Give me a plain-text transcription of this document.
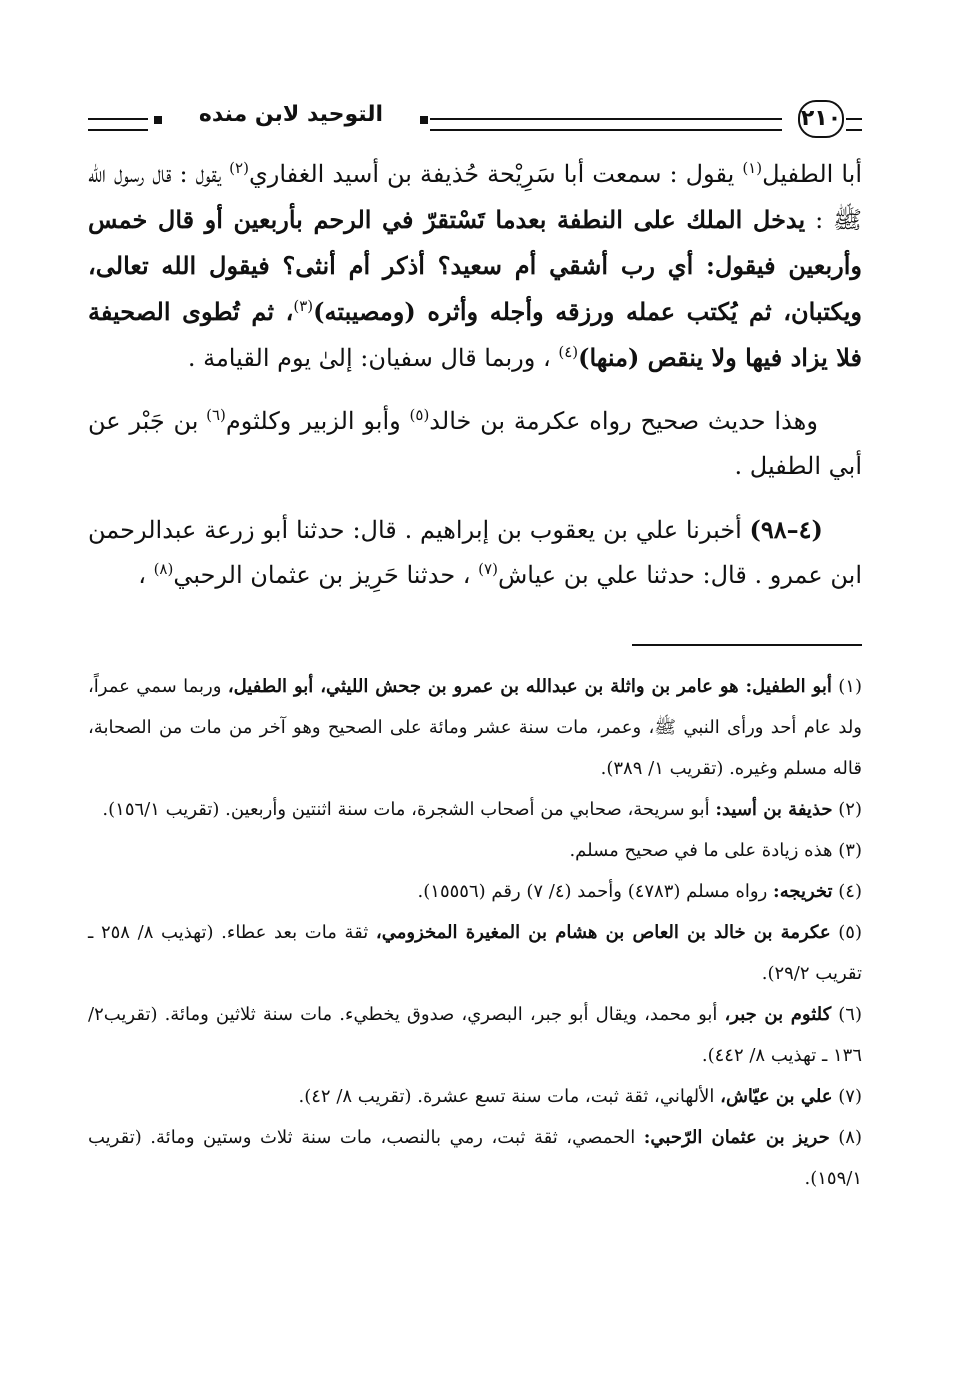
التوحيد لابن منده	٢١٠

أبا الطفيل$^{(١)}$ يقول : سمعت أبا سَرِيْحة حُذيفة بن أسيد الغفاري$^{(٢)}$ يقول : قال رسول الله ﷺ : يدخل الملك على النطفة بعدما تَسْتقرّ في الرحم بأربعين أو قال خمس وأربعين فيقول: أي رب أشقي أم سعيد؟ أذكر أم أنثى؟ فيقول الله تعالى، ويكتبان، ثم يُكتب عمله ورزقه وأجله وأثره (ومصيبته)$^{(٣)}$، ثم تُطوى الصحيفة فلا يزاد فيها ولا ينقص (منها)$^{(٤)}$ ، وربما قال سفيان: إلىٰ يوم القيامة .

وهذا حديث صحيح رواه عكرمة بن خالد$^{(٥)}$ وأبو الزبير وكلثوم$^{(٦)}$ بن جَبْر عن أبي الطفيل .

(٤–٩٨) أخبرنا علي بن يعقوب بن إبراهيم . قال: حدثنا أبو زرعة عبدالرحمن ابن عمرو . قال: حدثنا علي بن عياش$^{(٧)}$ ، حدثنا حَرِيز بن عثمان الرحبي$^{(٨)}$ ،

(١) أبو الطفيل: هو عامر بن واثلة بن عبدالله بن عمرو بن جحش الليثي، أبو الطفيل، وربما سمي عمراً، ولد عام أحد ورأى النبي ﷺ، وعمر، مات سنة عشر ومائة على الصحيح وهو آخر من مات من الصحابة، قاله مسلم وغيره. (تقريب ١/ ٣٨٩).

(٢) حذيفة بن أسيد: أبو سريحة، صحابي من أصحاب الشجرة، مات سنة اثنتين وأربعين. (تقريب ١٥٦/١).

(٣) هذه زيادة على ما في صحيح مسلم.

(٤) تخريجه: رواه مسلم (٤٧٨٣) وأحمد (٤/ ٧) رقم (١٥٥٥٦).

(٥) عكرمة بن خالد بن العاص بن هشام بن المغيرة المخزومي، ثقة مات بعد عطاء. (تهذيب ٨/ ٢٥٨ ـ تقريب ٢٩/٢).

(٦) كلثوم بن جبر، أبو محمد، ويقال أبو جبر، البصري، صدوق يخطيء. مات سنة ثلاثين ومائة. (تقريب٢/ ١٣٦ ـ تهذيب ٨/ ٤٤٢).

(٧) علي بن عيّاش، الألهاني، ثقة ثبت، مات سنة تسع عشرة. (تقريب ٨/ ٤٢).

(٨) حريز بن عثمان الرّحبي: الحمصي، ثقة ثبت، رمي بالنصب، مات سنة ثلاث وستين ومائة. (تقريب ١٥٩/١).
